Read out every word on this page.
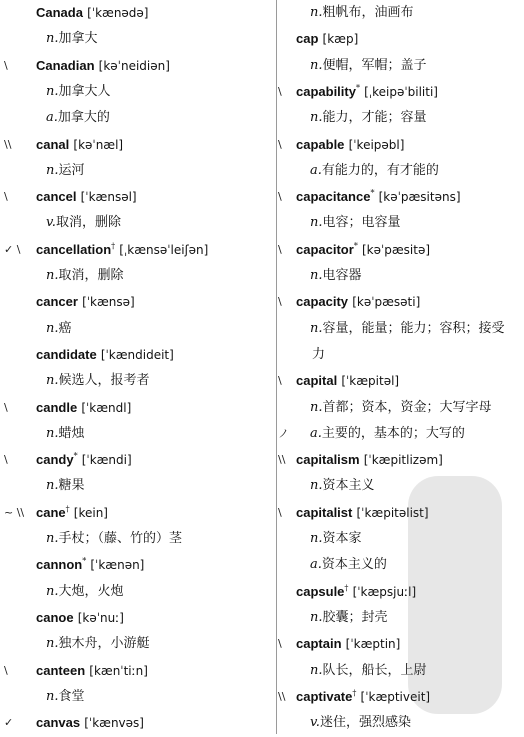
Canada [ˈkænədə]
n.加拿大
\ Canadian [kəˈneidiən]
n.加拿大人
a.加拿大的
\\ canal [kəˈnæl]
n.运河
\ cancel [ˈkænsəl]
v.取消，删除
✓ \ cancellation† [ˌkænsəˈleiʃən]
n.取消，删除
cancer [ˈkænsə]
n.癌
candidate [ˈkændideit]
n.候选人，报考者
\ candle [ˈkændl]
n.蜡烛
\ candy* [ˈkændi]
n.糖果
~ \\ cane† [kein]
n.手杖；（藤、竹的）茎
cannon* [ˈkænən]
n.大炮，火炮
canoe [kəˈnuː]
n.独木舟，小游艇
\ canteen [kænˈtiːn]
n.食堂
✓ canvas [ˈkænvəs]
n.粗帆布，油画布
cap [kæp]
n.便帽，军帽；盖子
\ capability* [ˌkeipəˈbiliti]
n.能力，才能；容量
\ capable [ˈkeipəbl]
a.有能力的，有才能的
\ capacitance* [kəˈpæsitəns]
n.电容；电容量
\ capacitor* [kəˈpæsitə]
n.电容器
\ capacity [kəˈpæsəti]
n.容量，能量；能力；容积；接受
力
\ capital [ˈkæpitəl]
n.首都；资本，资金；大写字母
ノ a.主要的，基本的；大写的
\\ capitalism [ˈkæpitlizəm]
n.资本主义
\ capitalist [ˈkæpitəlist]
n.资本家
a.资本主义的
capsule† [ˈkæpsjuːl]
n.胶囊；封壳
\ captain [ˈkæptin]
n.队长，船长，上尉
\\ captivate† [ˈkæptiveit]
v.迷住，强烈感染
